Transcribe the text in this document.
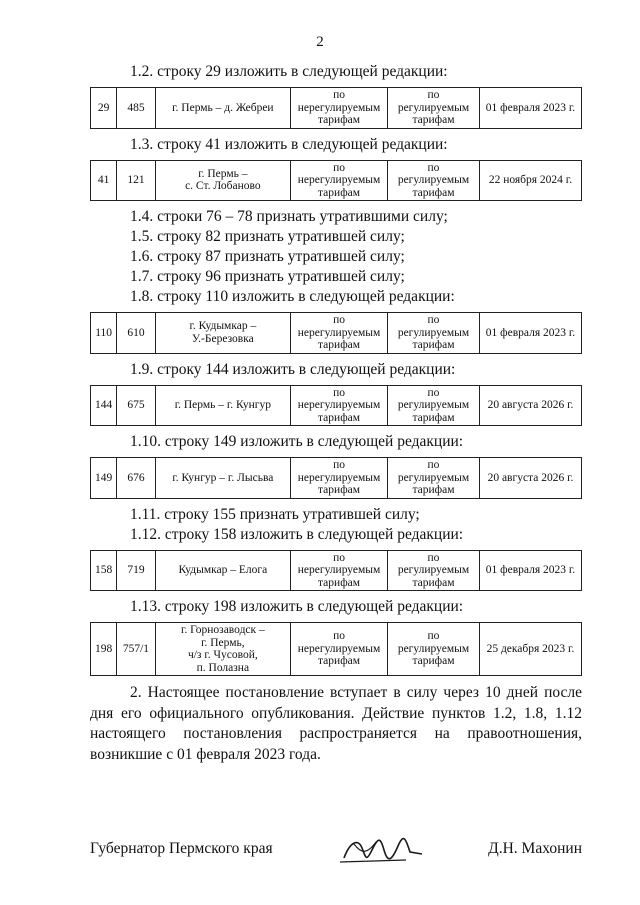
2

1.2. строку 29 изложить в следующей редакции:

29	485	г. Пермь – д. Жебреи	по
нерегулируемым
тарифам	по
регулируемым
тарифам	01 февраля 2023 г.

1.3. строку 41 изложить в следующей редакции:

41	121	г. Пермь –
с. Ст. Лобаново	по
нерегулируемым
тарифам	по
регулируемым
тарифам	22 ноября 2024 г.

1.4. строки 76 – 78 признать утратившими силу;

1.5. строку 82 признать утратившей силу;

1.6. строку 87 признать утратившей силу;

1.7. строку 96 признать утратившей силу;

1.8. строку 110 изложить в следующей редакции:

110	610	г. Кудымкар –
У.-Березовка	по
нерегулируемым
тарифам	по
регулируемым
тарифам	01 февраля 2023 г.

1.9. строку 144 изложить в следующей редакции:

144	675	г. Пермь – г. Кунгур	по
нерегулируемым
тарифам	по
регулируемым
тарифам	20 августа 2026 г.

1.10. строку 149 изложить в следующей редакции:

149	676	г. Кунгур – г. Лысьва	по
нерегулируемым
тарифам	по
регулируемым
тарифам	20 августа 2026 г.

1.11. строку 155 признать утратившей силу;

1.12. строку 158 изложить в следующей редакции:

158	719	Кудымкар – Елога	по
нерегулируемым
тарифам	по
регулируемым
тарифам	01 февраля 2023 г.

1.13. строку 198 изложить в следующей редакции:

198	757/1	г. Горнозаводск –
г. Пермь,
ч/з г. Чусовой,
п. Полазна	по
нерегулируемым
тарифам	по
регулируемым
тарифам	25 декабря 2023 г.

2. Настоящее постановление вступает в силу через 10 дней после дня его официального опубликования. Действие пунктов 1.2, 1.8, 1.12 настоящего постановления распространяется на правоотношения, возникшие с 01 февраля 2023 года.

Губернатор Пермского края	Д.Н. Махонин
